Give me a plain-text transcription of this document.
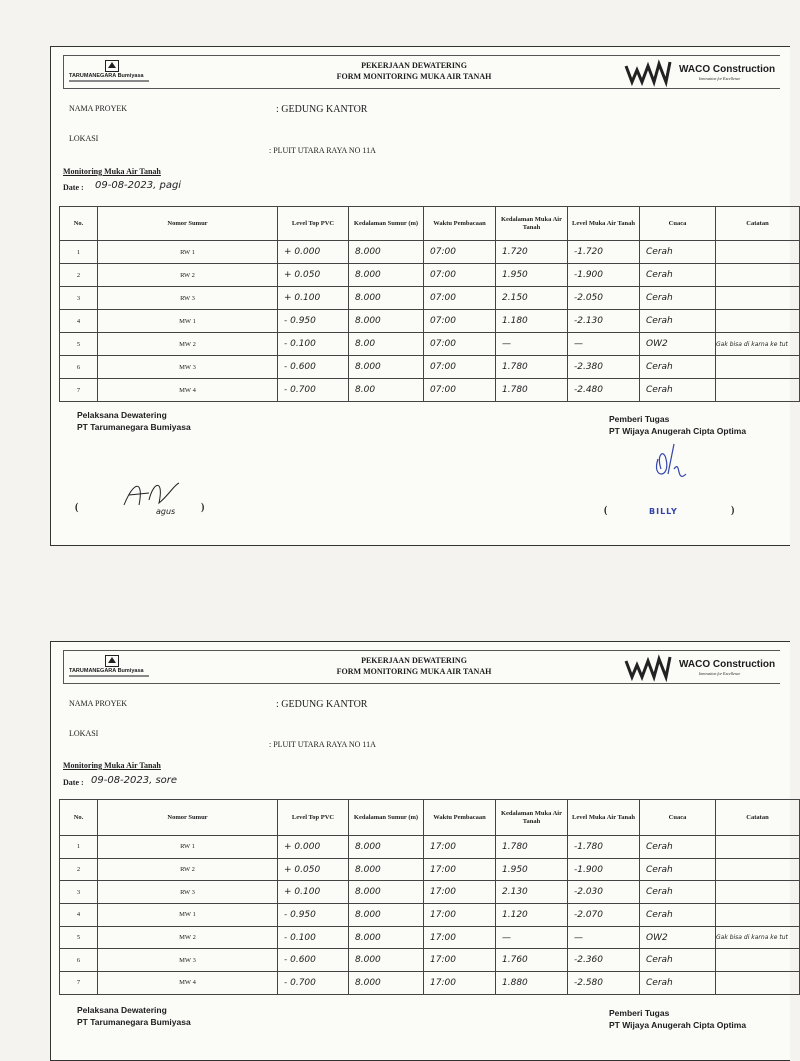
TARUMANEGARA Bumiyasa
PEKERJAAN DEWATERING
FORM MONITORING MUKA AIR TANAH
WACO Construction
Innovation for Excellence
NAMA PROYEK	: GEDUNG KANTOR
LOKASI
: PLUIT UTARA RAYA NO 11A
Monitoring Muka Air Tanah
Date : 09-08-2023, pagi
No.	Nomor Sumur	Level Top PVC	Kedalaman Sumur (m)	Waktu Pembacaan	Kedalaman Muka Air Tanah	Level Muka Air Tanah	Cuaca	Catatan
1	RW 1	+ 0.000	8.000	07:00	1.720	-1.720	Cerah	
2	RW 2	+ 0.050	8.000	07:00	1.950	-1.900	Cerah	
3	RW 3	+ 0.100	8.000	07:00	2.150	-2.050	Cerah	
4	MW 1	- 0.950	8.000	07:00	1.180	-2.130	Cerah	
5	MW 2	- 0.100	8.00	07:00	—	—	OW2	Gak bisa di karna ke tut
6	MW 3	- 0.600	8.000	07:00	1.780	-2.380	Cerah	
7	MW 4	- 0.700	8.00	07:00	1.780	-2.480	Cerah	
Pelaksana Dewatering
PT Tarumanegara Bumiyasa
(	agus	)
Pemberi Tugas
PT Wijaya Anugerah Cipta Optima
(	BILLY	)
TARUMANEGARA Bumiyasa
PEKERJAAN DEWATERING
FORM MONITORING MUKA AIR TANAH
WACO Construction
Innovation for Excellence
NAMA PROYEK	: GEDUNG KANTOR
LOKASI
: PLUIT UTARA RAYA NO 11A
Monitoring Muka Air Tanah
Date : 09-08-2023, sore
No.	Nomor Sumur	Level Top PVC	Kedalaman Sumur (m)	Waktu Pembacaan	Kedalaman Muka Air Tanah	Level Muka Air Tanah	Cuaca	Catatan
1	RW 1	+ 0.000	8.000	17:00	1.780	-1.780	Cerah	
2	RW 2	+ 0.050	8.000	17:00	1.950	-1.900	Cerah	
3	RW 3	+ 0.100	8.000	17:00	2.130	-2.030	Cerah	
4	MW 1	- 0.950	8.000	17:00	1.120	-2.070	Cerah	
5	MW 2	- 0.100	8.000	17:00	—	—	OW2	Gak bisa di karna ke tut
6	MW 3	- 0.600	8.000	17:00	1.760	-2.360	Cerah	
7	MW 4	- 0.700	8.000	17:00	1.880	-2.580	Cerah	
Pelaksana Dewatering
PT Tarumanegara Bumiyasa
Pemberi Tugas
PT Wijaya Anugerah Cipta Optima
